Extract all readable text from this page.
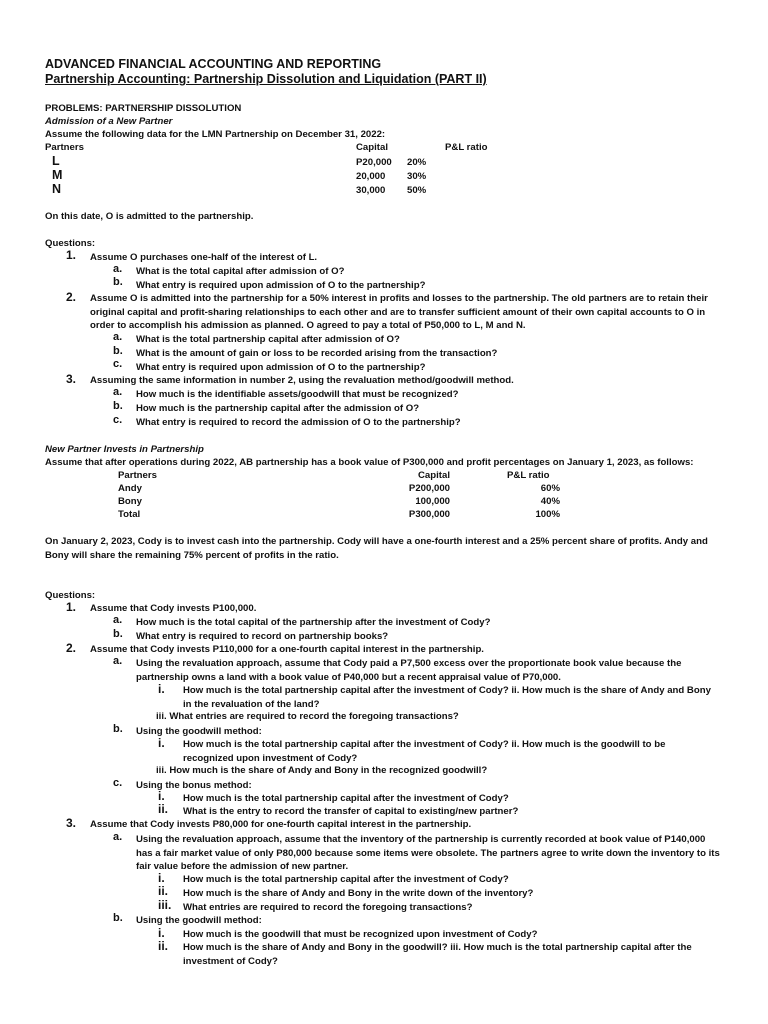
ADVANCED FINANCIAL ACCOUNTING AND REPORTING
Partnership Accounting: Partnership Dissolution and Liquidation (PART II)
PROBLEMS: PARTNERSHIP DISSOLUTION
Admission of a New Partner
Assume the following data for the LMN Partnership on December 31, 2022:
Partners	Capital	P&L ratio
L	P20,000 20%
M	20,000 30%
N	30,000 50%
On this date, O is admitted to the partnership.
Questions:
1. Assume O purchases one-half of the interest of L.
a. What is the total capital after admission of O?
b. What entry is required upon admission of O to the partnership?
2. Assume O is admitted into the partnership for a 50% interest in profits and losses to the partnership. The old partners are to retain their original capital and profit-sharing relationships to each other and are to transfer sufficient amount of their own capital accounts to O in order to accomplish his admission as planned. O agreed to pay a total of P50,000 to L, M and N.
a. What is the total partnership capital after admission of O?
b. What is the amount of gain or loss to be recorded arising from the transaction?
c. What entry is required upon admission of O to the partnership?
3. Assuming the same information in number 2, using the revaluation method/goodwill method.
a. How much is the identifiable assets/goodwill that must be recognized?
b. How much is the partnership capital after the admission of O?
c. What entry is required to record the admission of O to the partnership?
New Partner Invests in Partnership
Assume that after operations during 2022, AB partnership has a book value of P300,000 and profit percentages on January 1, 2023, as follows:
Partners	Capital	P&L ratio
Andy	P200,000	60%
Bony	100,000	40%
Total	P300,000	100%
On January 2, 2023, Cody is to invest cash into the partnership. Cody will have a one-fourth interest and a 25% percent share of profits. Andy and Bony will share the remaining 75% percent of profits in the ratio.
Questions:
1. Assume that Cody invests P100,000.
a. How much is the total capital of the partnership after the investment of Cody?
b. What entry is required to record on partnership books?
2. Assume that Cody invests P110,000 for a one-fourth capital interest in the partnership.
a. Using the revaluation approach, assume that Cody paid a P7,500 excess over the proportionate book value because the partnership owns a land with a book value of P40,000 but a recent appraisal value of P70,000.
i. How much is the total partnership capital after the investment of Cody? ii. How much is the share of Andy and Bony in the revaluation of the land?
iii. What entries are required to record the foregoing transactions?
b. Using the goodwill method:
i. How much is the total partnership capital after the investment of Cody? ii. How much is the goodwill to be recognized upon investment of Cody?
iii. How much is the share of Andy and Bony in the recognized goodwill?
c. Using the bonus method:
i. How much is the total partnership capital after the investment of Cody?
ii. What is the entry to record the transfer of capital to existing/new partner?
3. Assume that Cody invests P80,000 for one-fourth capital interest in the partnership.
a. Using the revaluation approach, assume that the inventory of the partnership is currently recorded at book value of P140,000 has a fair market value of only P80,000 because some items were obsolete. The partners agree to write down the inventory to its fair value before the admission of new partner.
i. How much is the total partnership capital after the investment of Cody?
ii. How much is the share of Andy and Bony in the write down of the inventory?
iii. What entries are required to record the foregoing transactions?
b. Using the goodwill method:
i. How much is the goodwill that must be recognized upon investment of Cody?
ii. How much is the share of Andy and Bony in the goodwill? iii. How much is the total partnership capital after the investment of Cody?
